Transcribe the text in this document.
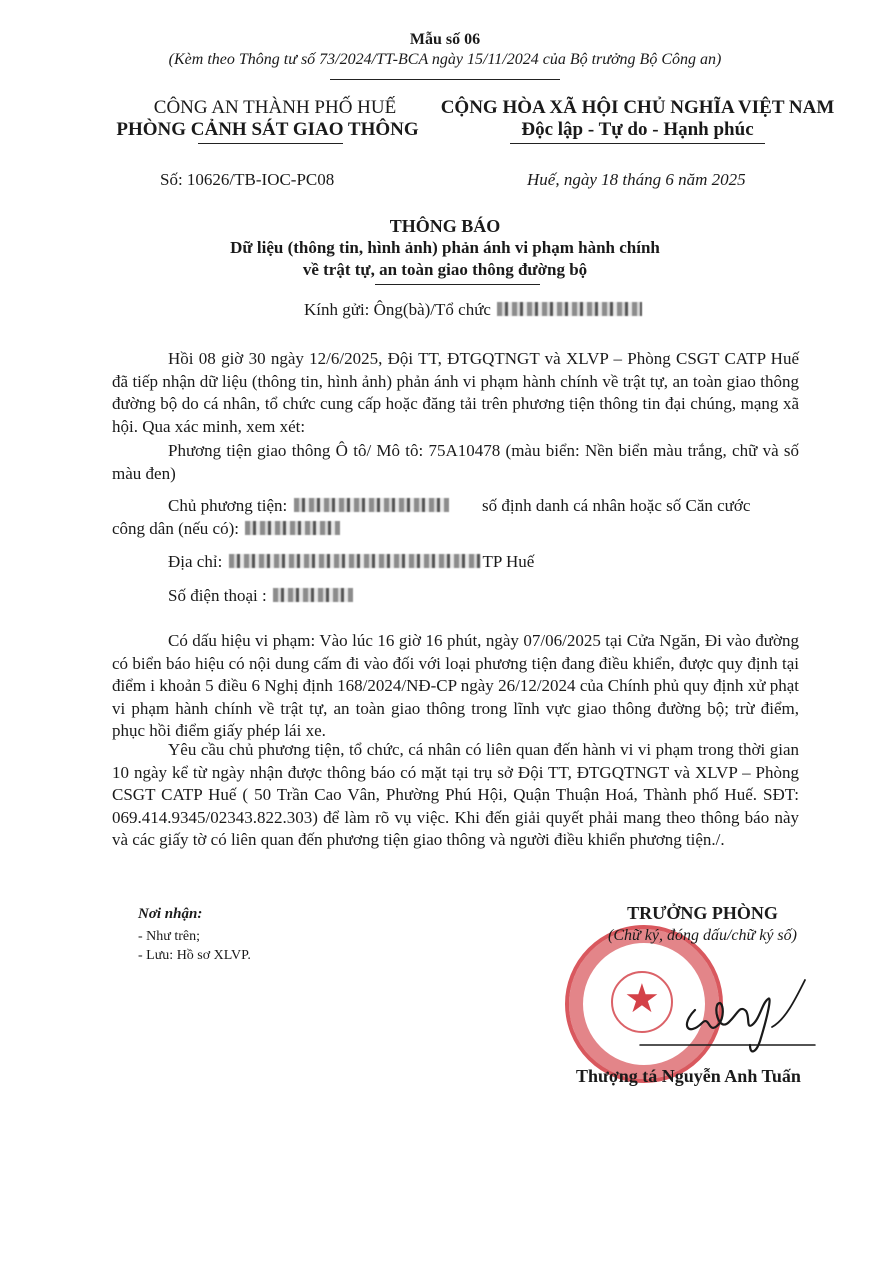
Mẫu số 06
(Kèm theo Thông tư số 73/2024/TT-BCA ngày 15/11/2024 của Bộ trưởng Bộ Công an)
CÔNG AN THÀNH PHỐ HUẾ
PHÒNG CẢNH SÁT GIAO THÔNG
CỘNG HÒA XÃ HỘI CHỦ NGHĨA VIỆT NAM
Độc lập - Tự do - Hạnh phúc
Số: 10626/TB-IOC-PC08	Huế, ngày 18 tháng 6 năm 2025
THÔNG BÁO
Dữ liệu (thông tin, hình ảnh) phản ánh vi phạm hành chính
về trật tự, an toàn giao thông đường bộ
Kính gửi: Ông(bà)/Tổ chức
Hồi 08 giờ 30 ngày 12/6/2025, Đội TT, ĐTGQTNGT và XLVP – Phòng CSGT CATP Huế đã tiếp nhận dữ liệu (thông tin, hình ảnh) phản ánh vi phạm hành chính về trật tự, an toàn giao thông đường bộ do cá nhân, tổ chức cung cấp hoặc đăng tải trên phương tiện thông tin đại chúng, mạng xã hội. Qua xác minh, xem xét:
Phương tiện giao thông Ô tô/ Mô tô: 75A10478 (màu biển: Nền biển màu trắng, chữ và số màu đen)
Chủ phương tiện:	số định danh cá nhân hoặc số Căn cước
công dân (nếu có):
Địa chỉ:	TP Huế
Số điện thoại :
Có dấu hiệu vi phạm: Vào lúc 16 giờ 16 phút, ngày 07/06/2025 tại Cửa Ngăn, Đi vào đường có biển báo hiệu có nội dung cấm đi vào đối với loại phương tiện đang điều khiển, được quy định tại điểm i khoản 5 điều 6 Nghị định 168/2024/NĐ-CP ngày 26/12/2024 của Chính phủ quy định xử phạt vi phạm hành chính về trật tự, an toàn giao thông trong lĩnh vực giao thông đường bộ; trừ điểm, phục hồi điểm giấy phép lái xe.
Yêu cầu chủ phương tiện, tổ chức, cá nhân có liên quan đến hành vi vi phạm trong thời gian 10 ngày kể từ ngày nhận được thông báo có mặt tại trụ sở Đội TT, ĐTGQTNGT và XLVP – Phòng CSGT CATP Huế ( 50 Trần Cao Vân, Phường Phú Hội, Quận Thuận Hoá, Thành phố Huế. SĐT: 069.414.9345/02343.822.303) để làm rõ vụ việc. Khi đến giải quyết phải mang theo thông báo này và các giấy tờ có liên quan đến phương tiện giao thông và người điều khiển phương tiện./.
Nơi nhận:
- Như trên;
- Lưu: Hồ sơ XLVP.
★
TRƯỞNG PHÒNG
(Chữ ký, đóng dấu/chữ ký số)
Thượng tá Nguyễn Anh Tuấn
